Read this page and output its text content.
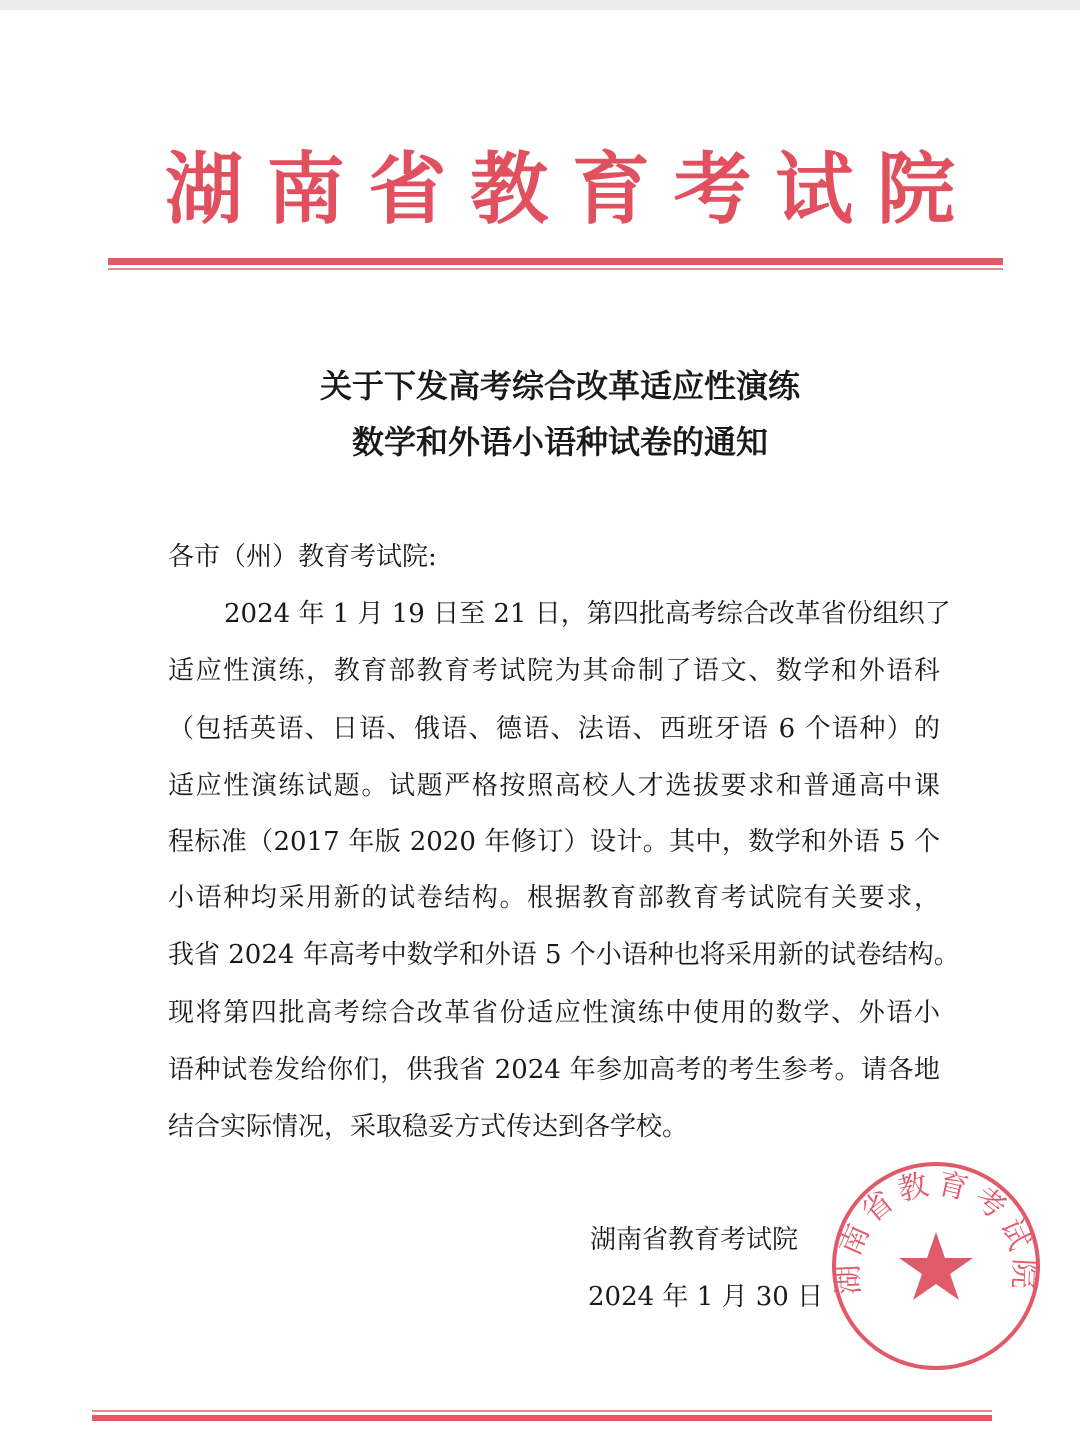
湖南省教育考试院
关于下发高考综合改革适应性演练
数学和外语小语种试卷的通知
各市（州）教育考试院:
2024 年 1 月 19 日至 21 日，第四批高考综合改革省份组织了
适应性演练，教育部教育考试院为其命制了语文、数学和外语科
（包括英语、日语、俄语、德语、法语、西班牙语 6 个语种）的
适应性演练试题。试题严格按照高校人才选拔要求和普通高中课
程标准（2017 年版 2020 年修订）设计。其中，数学和外语 5 个
小语种均采用新的试卷结构。根据教育部教育考试院有关要求，
我省 2024 年高考中数学和外语 5 个小语种也将采用新的试卷结构。
现将第四批高考综合改革省份适应性演练中使用的数学、外语小
语种试卷发给你们，供我省 2024 年参加高考的考生参考。请各地
结合实际情况，采取稳妥方式传达到各学校。
湖南省教育考试院
湖南省教育考试院
2024 年 1 月 30 日
